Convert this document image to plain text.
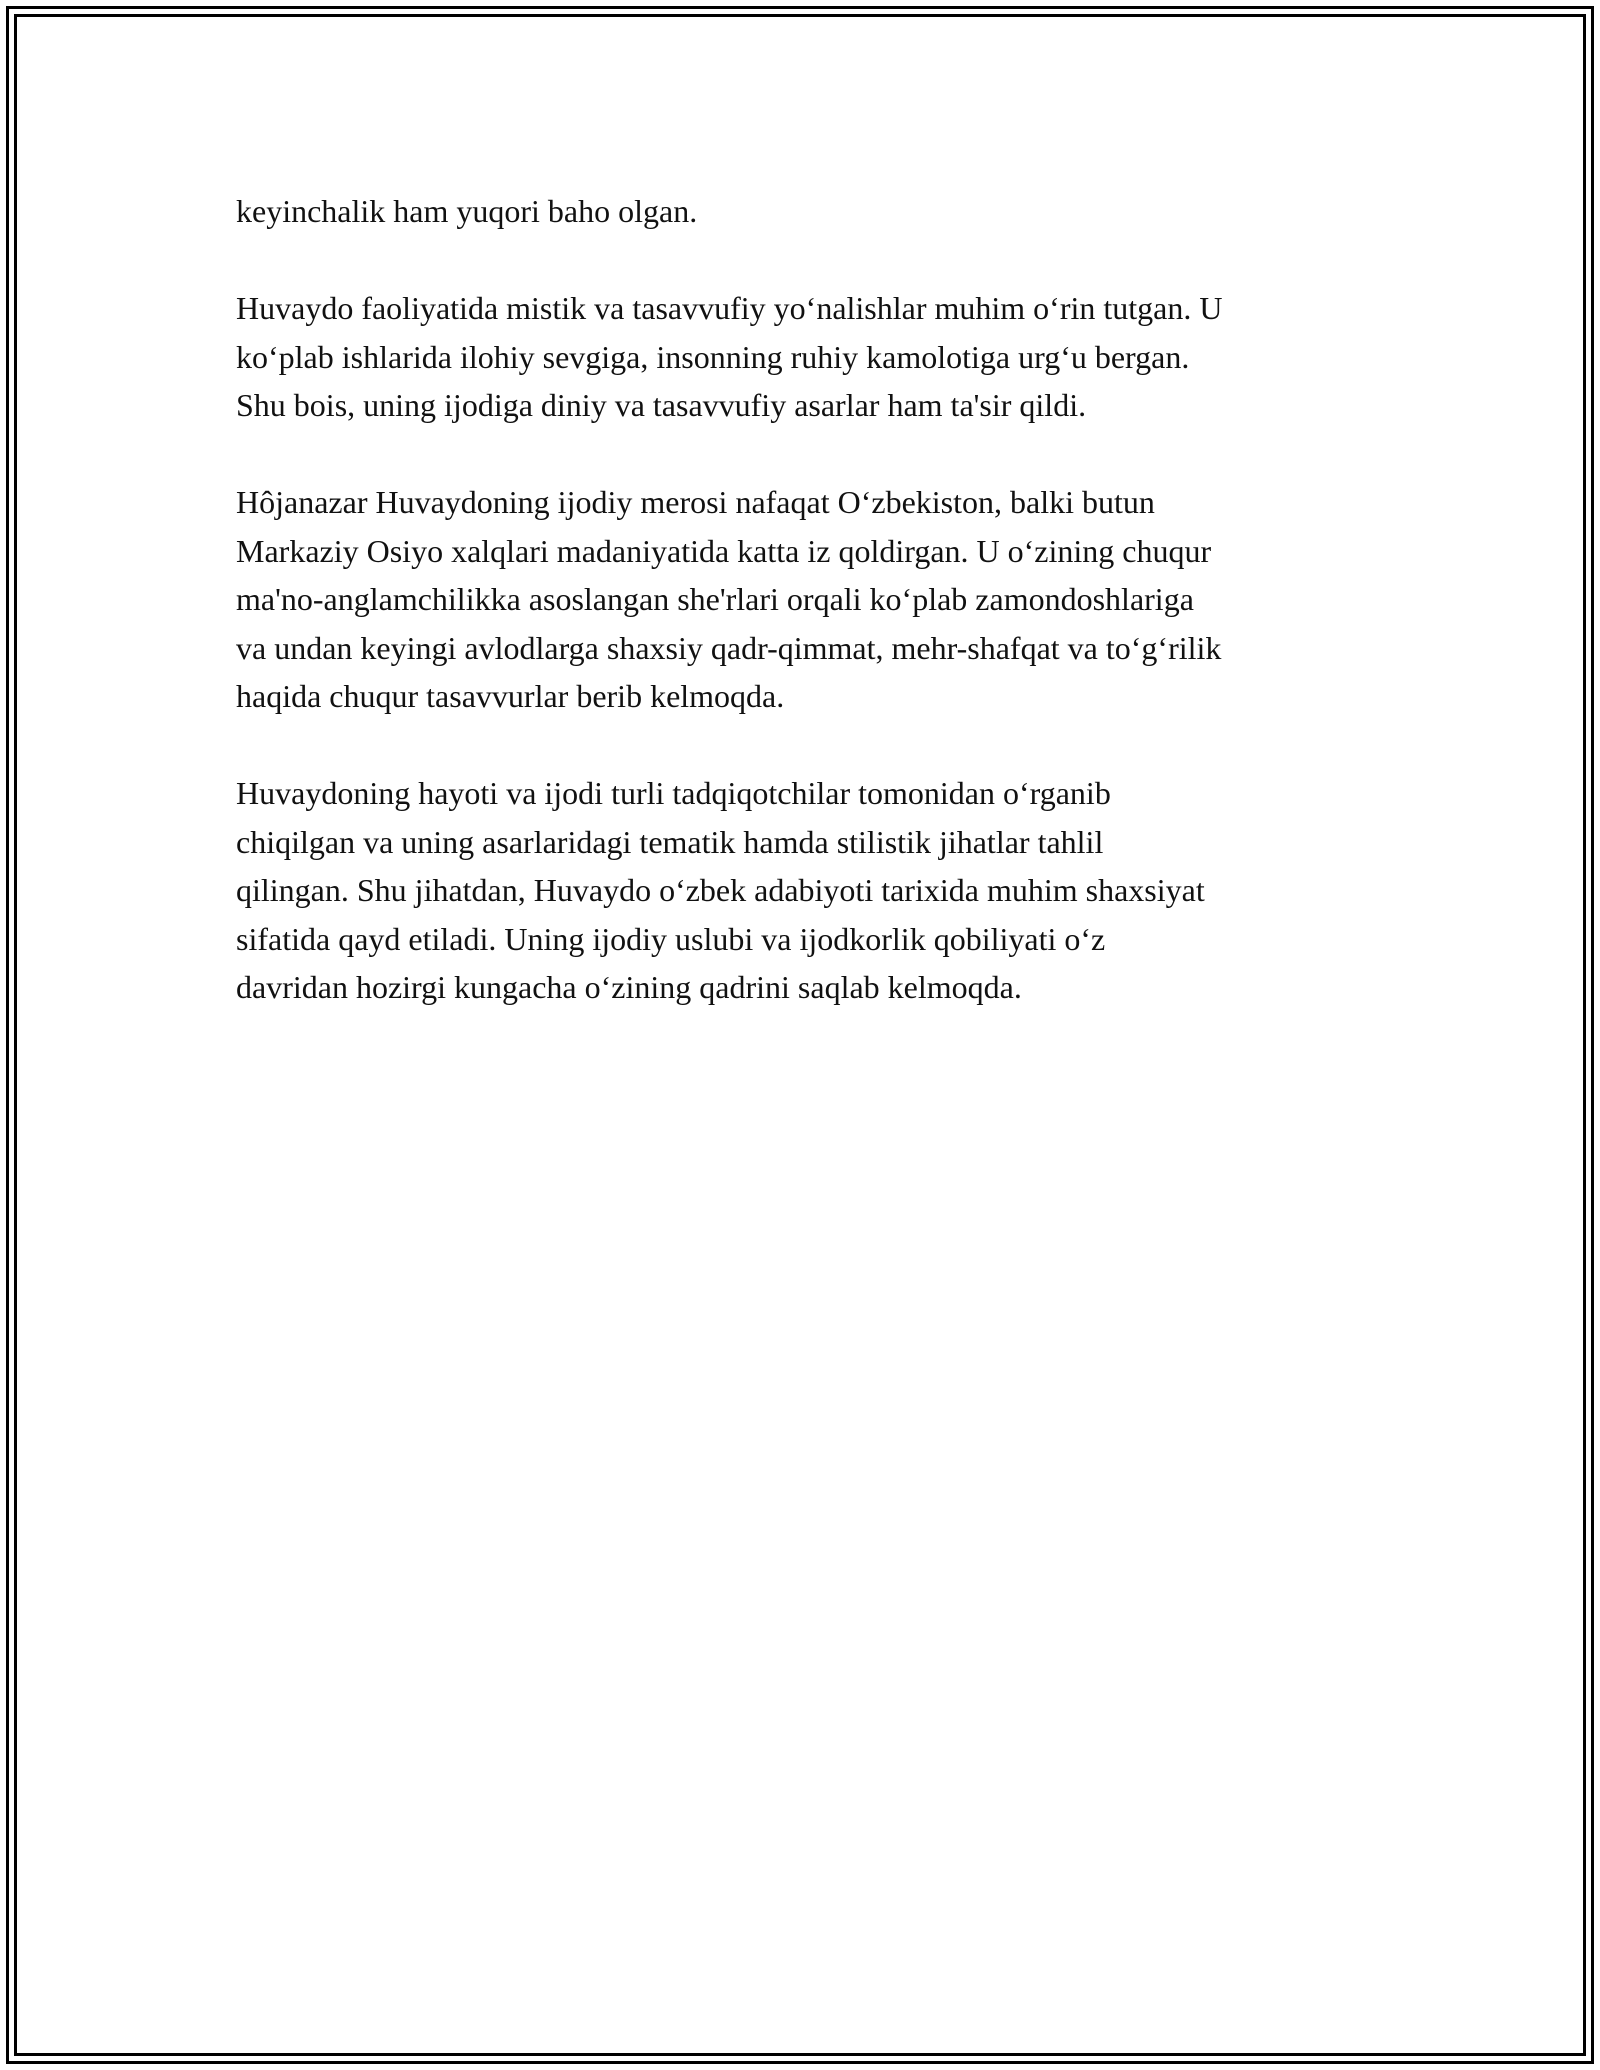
keyinchalik ham yuqori baho olgan.

Huvaydo faoliyatida mistik va tasavvufiy yo‘nalishlar muhim o‘rin tutgan. U
ko‘plab ishlarida ilohiy sevgiga, insonning ruhiy kamolotiga urg‘u bergan.
Shu bois, uning ijodiga diniy va tasavvufiy asarlar ham ta'sir qildi.

Hôjanazar Huvaydoning ijodiy merosi nafaqat O‘zbekiston, balki butun
Markaziy Osiyo xalqlari madaniyatida katta iz qoldirgan. U o‘zining chuqur
ma'no-anglamchilikka asoslangan she'rlari orqali ko‘plab zamondoshlariga
va undan keyingi avlodlarga shaxsiy qadr-qimmat, mehr-shafqat va to‘g‘rilik
haqida chuqur tasavvurlar berib kelmoqda.

Huvaydoning hayoti va ijodi turli tadqiqotchilar tomonidan o‘rganib
chiqilgan va uning asarlaridagi tematik hamda stilistik jihatlar tahlil
qilingan. Shu jihatdan, Huvaydo o‘zbek adabiyoti tarixida muhim shaxsiyat
sifatida qayd etiladi. Uning ijodiy uslubi va ijodkorlik qobiliyati o‘z
davridan hozirgi kungacha o‘zining qadrini saqlab kelmoqda.
